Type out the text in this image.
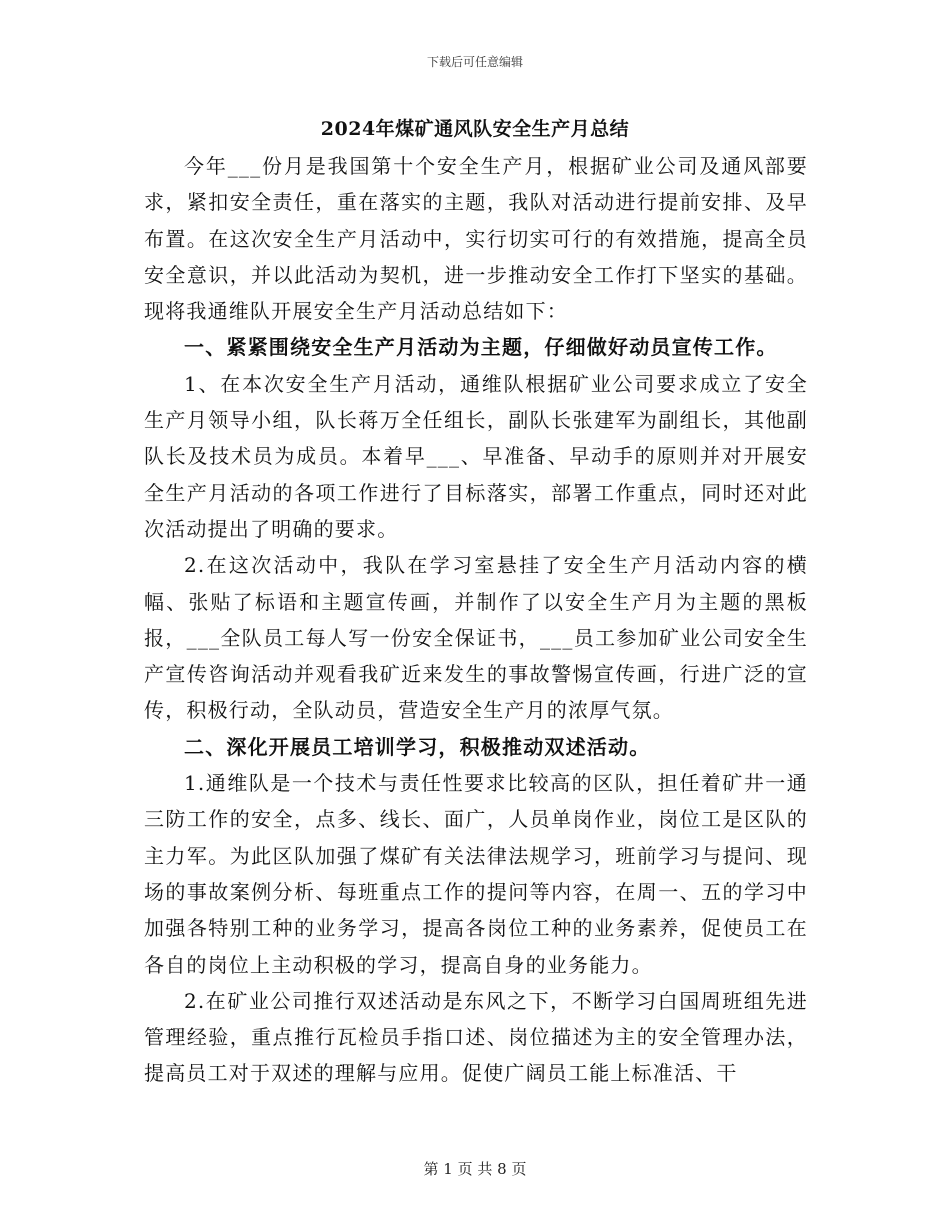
下载后可任意编辑
2024年煤矿通风队安全生产月总结

今年___份月是我国第十个安全生产月，根据矿业公司及通风部要求，紧扣安全责任，重在落实的主题，我队对活动进行提前安排、及早布置。在这次安全生产月活动中，实行切实可行的有效措施，提高全员安全意识，并以此活动为契机，进一步推动安全工作打下坚实的基础。现将我通维队开展安全生产月活动总结如下：

一、紧紧围绕安全生产月活动为主题，仔细做好动员宣传工作。

1、在本次安全生产月活动，通维队根据矿业公司要求成立了安全生产月领导小组，队长蒋万全任组长，副队长张建军为副组长，其他副队长及技术员为成员。本着早___、早准备、早动手的原则并对开展安全生产月活动的各项工作进行了目标落实，部署工作重点，同时还对此次活动提出了明确的要求。

2.在这次活动中，我队在学习室悬挂了安全生产月活动内容的横幅、张贴了标语和主题宣传画，并制作了以安全生产月为主题的黑板报，___全队员工每人写一份安全保证书，___员工参加矿业公司安全生产宣传咨询活动并观看我矿近来发生的事故警惕宣传画，行进广泛的宣传，积极行动，全队动员，营造安全生产月的浓厚气氛。

二、深化开展员工培训学习，积极推动双述活动。

1.通维队是一个技术与责任性要求比较高的区队，担任着矿井一通三防工作的安全，点多、线长、面广，人员单岗作业，岗位工是区队的主力军。为此区队加强了煤矿有关法律法规学习，班前学习与提问、现场的事故案例分析、每班重点工作的提问等内容，在周一、五的学习中加强各特别工种的业务学习，提高各岗位工种的业务素养，促使员工在各自的岗位上主动积极的学习，提高自身的业务能力。

2.在矿业公司推行双述活动是东风之下，不断学习白国周班组先进管理经验，重点推行瓦检员手指口述、岗位描述为主的安全管理办法，提高员工对于双述的理解与应用。促使广阔员工能上标准活、干

第 1 页 共 8 页
